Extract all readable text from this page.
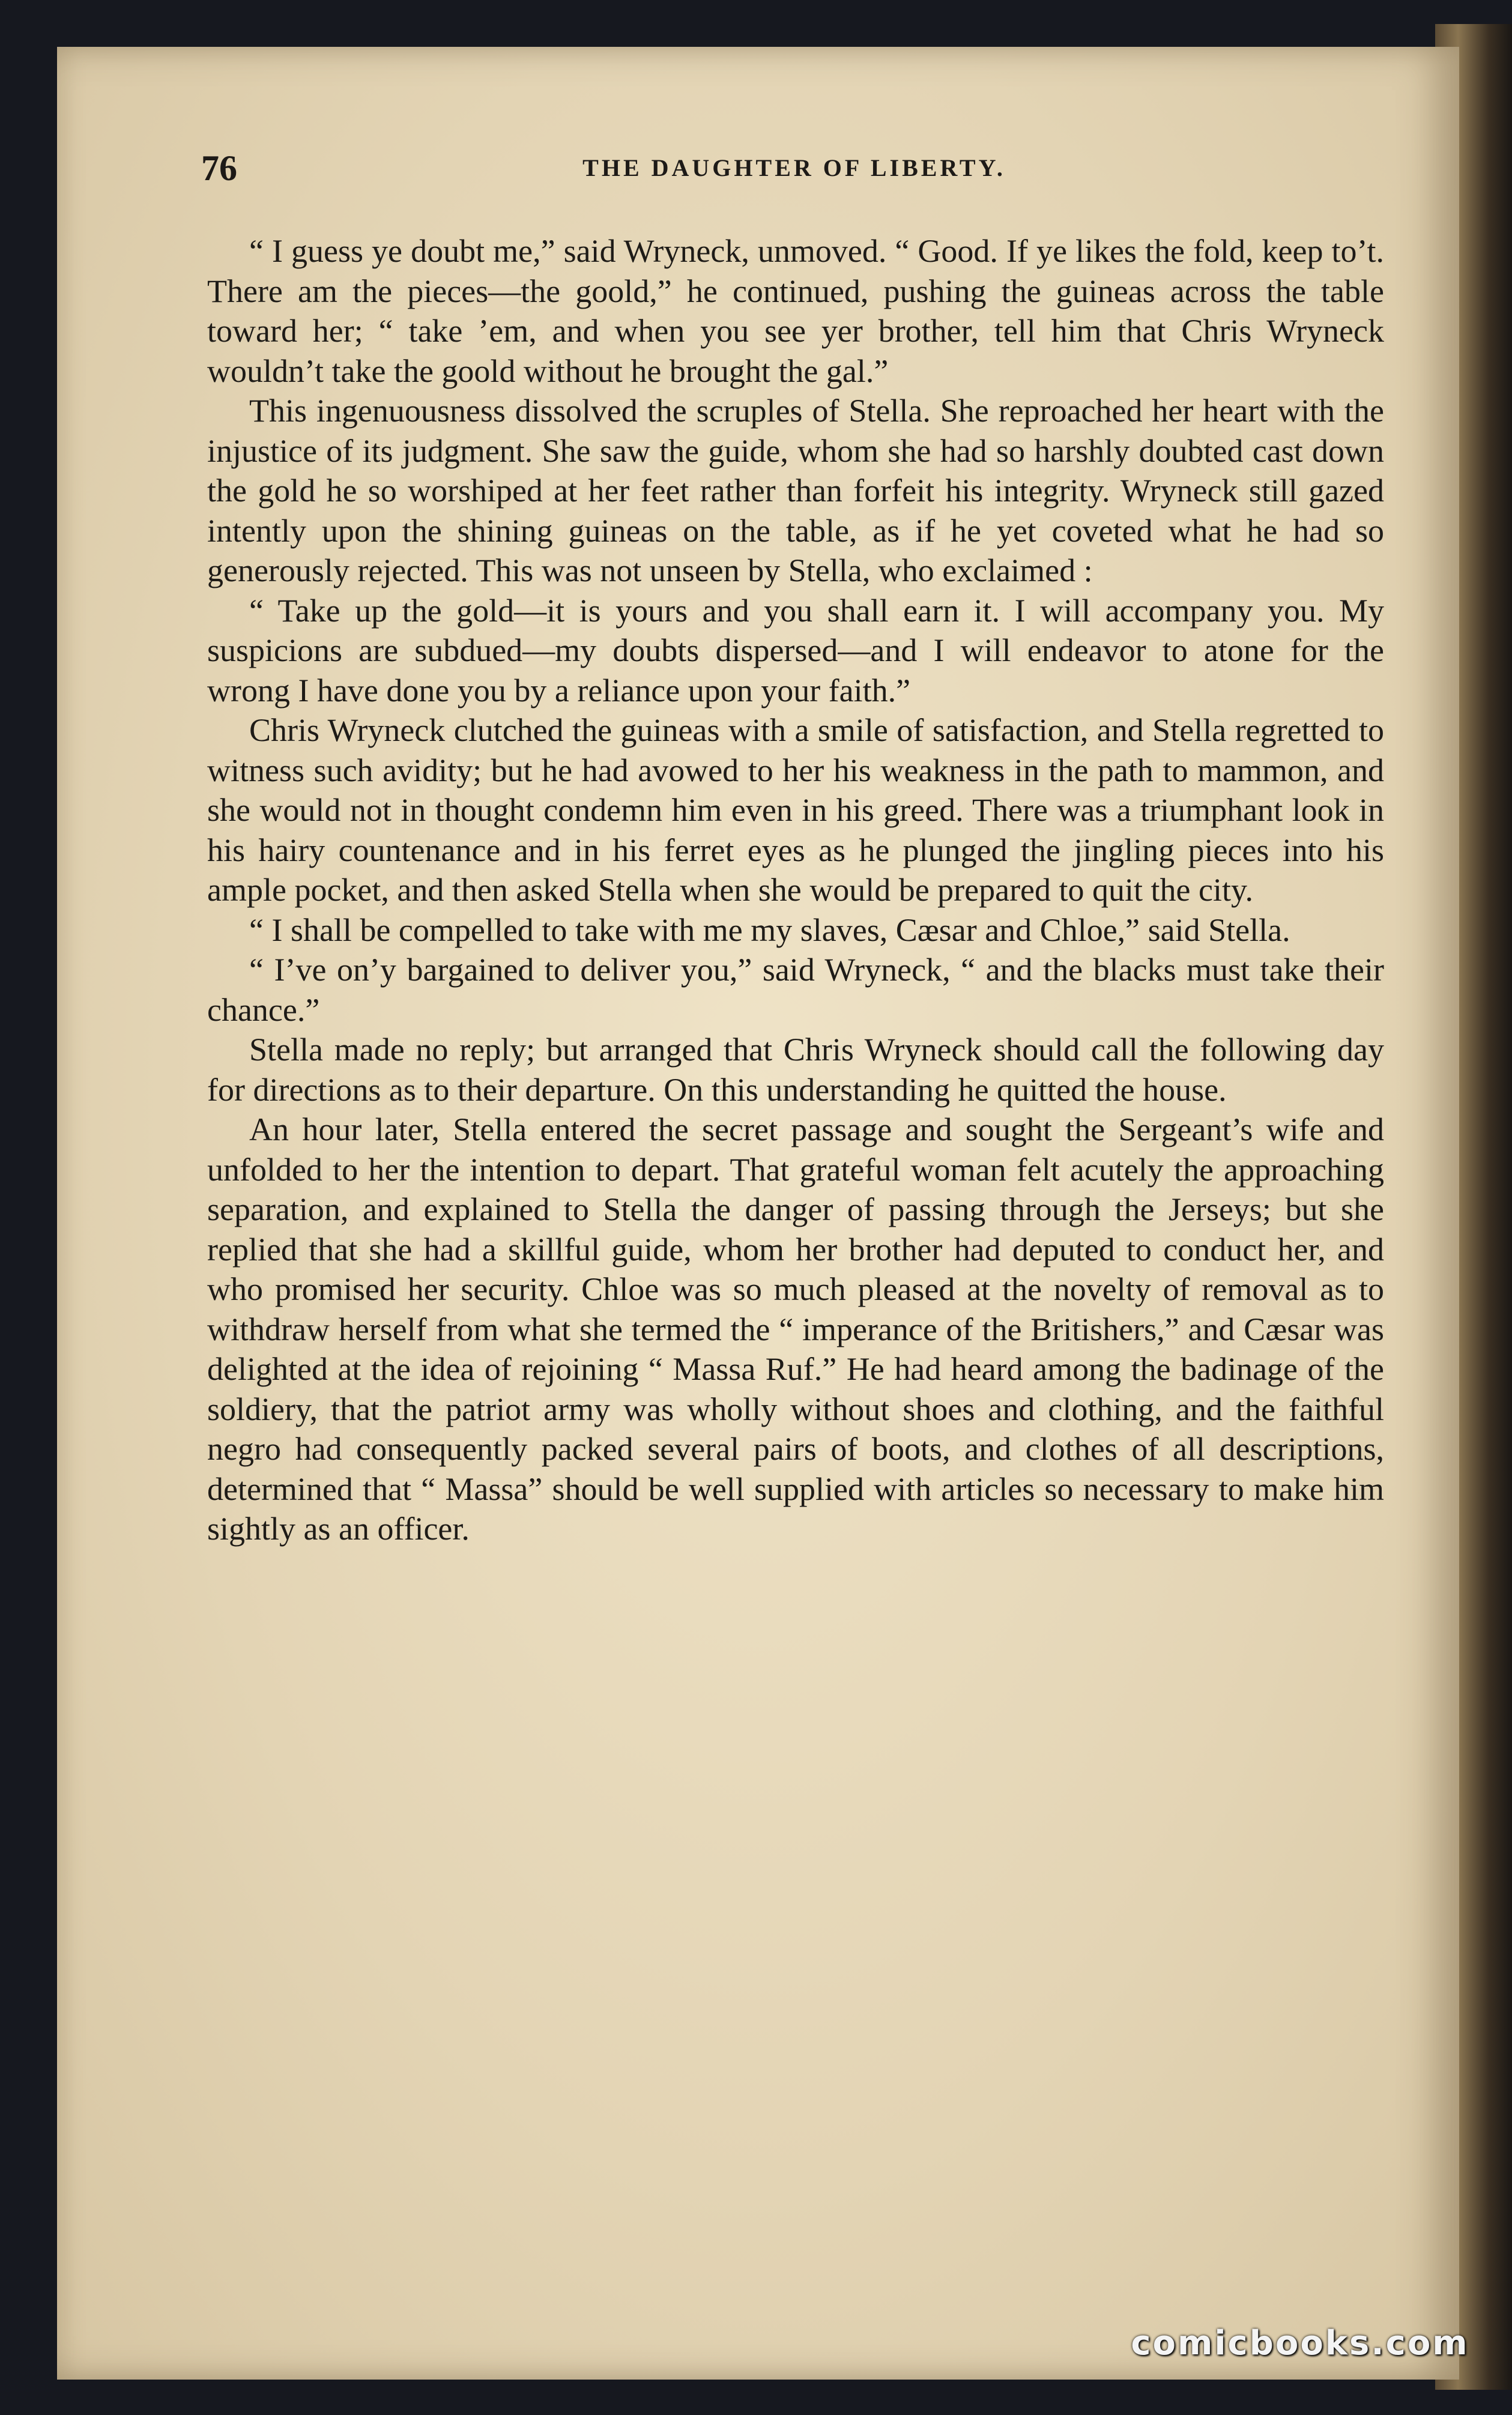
76	THE DAUGHTER OF LIBERTY.

“ I guess ye doubt me,” said Wryneck, unmoved. “ Good. If ye likes the fold, keep to’t. There am the pieces—the goold,” he continued, pushing the guineas across the table toward her; “ take ’em, and when you see yer brother, tell him that Chris Wryneck wouldn’t take the goold without he brought the gal.”

This ingenuousness dissolved the scruples of Stella. She reproached her heart with the injustice of its judgment. She saw the guide, whom she had so harshly doubted cast down the gold he so worshiped at her feet rather than forfeit his integrity. Wryneck still gazed intently upon the shining guineas on the table, as if he yet coveted what he had so generously rejected. This was not unseen by Stella, who exclaimed :

“ Take up the gold—it is yours and you shall earn it. I will accompany you. My suspicions are subdued—my doubts dispersed—and I will endeavor to atone for the wrong I have done you by a reliance upon your faith.”

Chris Wryneck clutched the guineas with a smile of satisfaction, and Stella regretted to witness such avidity; but he had avowed to her his weakness in the path to mammon, and she would not in thought condemn him even in his greed. There was a triumphant look in his hairy countenance and in his ferret eyes as he plunged the jingling pieces into his ample pocket, and then asked Stella when she would be prepared to quit the city.

“ I shall be compelled to take with me my slaves, Cæsar and Chloe,” said Stella.

“ I’ve on’y bargained to deliver you,” said Wryneck, “ and the blacks must take their chance.”

Stella made no reply; but arranged that Chris Wryneck should call the following day for directions as to their departure. On this understanding he quitted the house.

An hour later, Stella entered the secret passage and sought the Sergeant’s wife and unfolded to her the intention to depart. That grateful woman felt acutely the approaching separation, and explained to Stella the danger of passing through the Jerseys; but she replied that she had a skillful guide, whom her brother had deputed to conduct her, and who promised her security. Chloe was so much pleased at the novelty of removal as to withdraw herself from what she termed the “ imperance of the Britishers,” and Cæsar was delighted at the idea of rejoining “ Massa Ruf.” He had heard among the badinage of the soldiery, that the patriot army was wholly without shoes and clothing, and the faithful negro had consequently packed several pairs of boots, and clothes of all descriptions, determined that “ Massa” should be well supplied with articles so necessary to make him sightly as an officer.

comicbooks.com
